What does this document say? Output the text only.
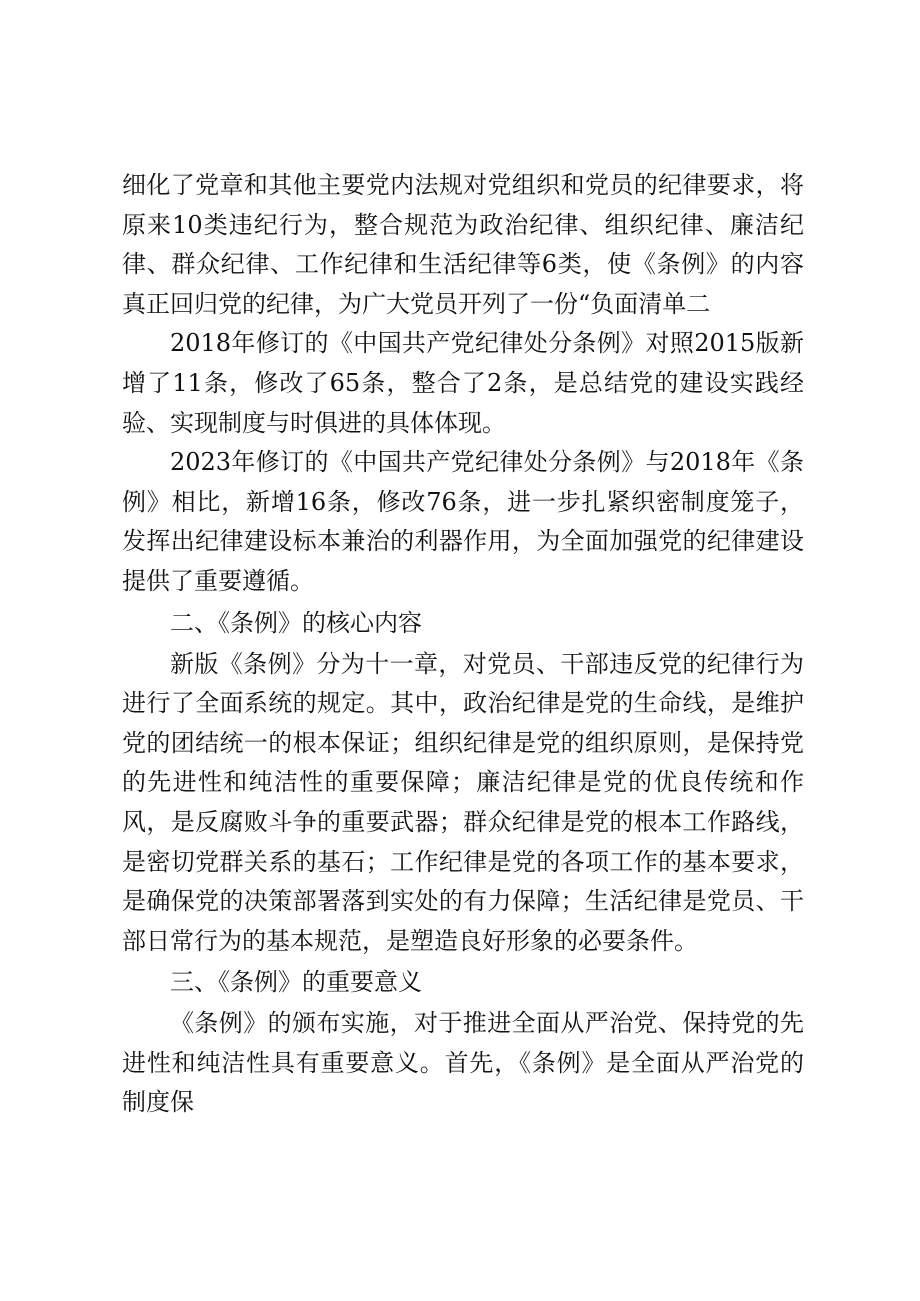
细化了党章和其他主要党内法规对党组织和党员的纪律要求，将原来10类违纪行为，整合规范为政治纪律、组织纪律、廉洁纪律、群众纪律、工作纪律和生活纪律等6类，使《条例》的内容真正回归党的纪律，为广大党员开列了一份“负面清单二

2018年修订的《中国共产党纪律处分条例》对照2015版新增了11条，修改了65条，整合了2条，是总结党的建设实践经验、实现制度与时俱进的具体体现。

2023年修订的《中国共产党纪律处分条例》与2018年《条例》相比，新增16条，修改76条，进一步扎紧织密制度笼子，发挥出纪律建设标本兼治的利器作用，为全面加强党的纪律建设提供了重要遵循。

二、《条例》的核心内容

新版《条例》分为十一章，对党员、干部违反党的纪律行为进行了全面系统的规定。其中，政治纪律是党的生命线，是维护党的团结统一的根本保证；组织纪律是党的组织原则，是保持党的先进性和纯洁性的重要保障；廉洁纪律是党的优良传统和作风，是反腐败斗争的重要武器；群众纪律是党的根本工作路线，是密切党群关系的基石；工作纪律是党的各项工作的基本要求，是确保党的决策部署落到实处的有力保障；生活纪律是党员、干部日常行为的基本规范，是塑造良好形象的必要条件。

三、《条例》的重要意义

《条例》的颁布实施，对于推进全面从严治党、保持党的先进性和纯洁性具有重要意义。首先，《条例》是全面从严治党的制度保
